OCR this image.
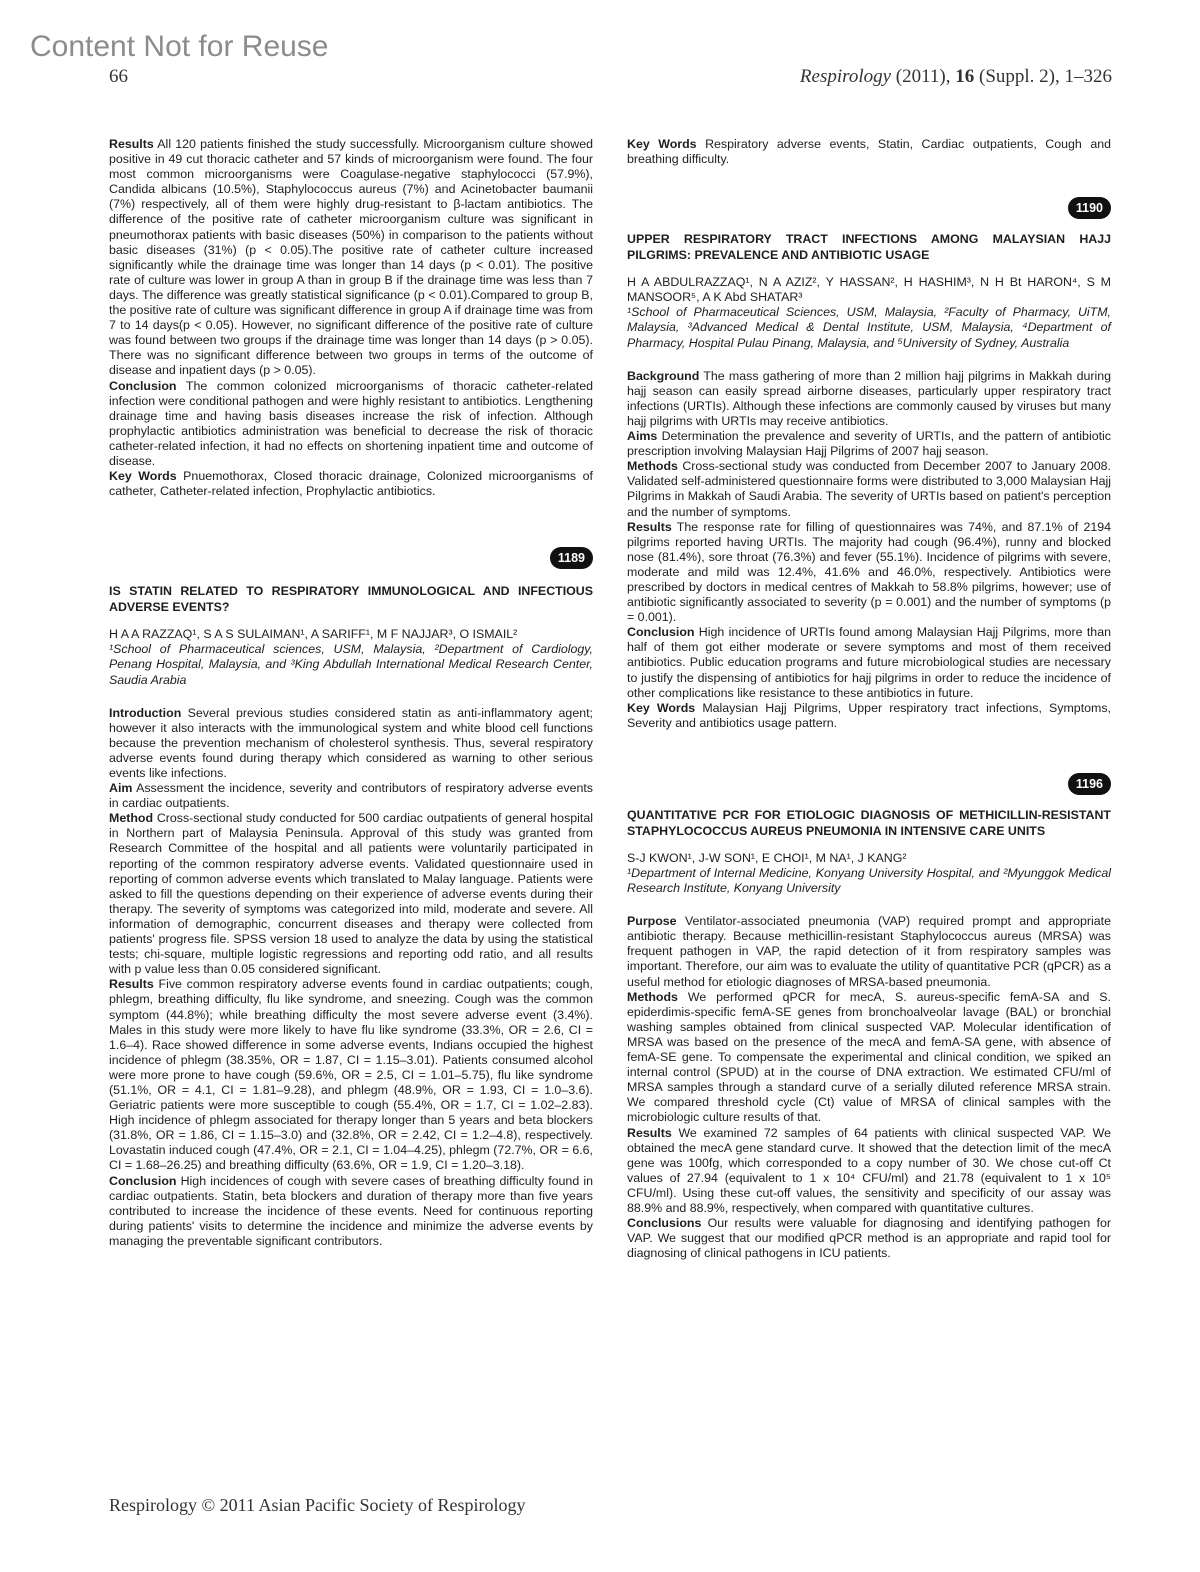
Content Not for Reuse
66	Respirology (2011), 16 (Suppl. 2), 1–326

Results All 120 patients finished the study successfully. Microorganism culture showed positive in 49 cut thoracic catheter and 57 kinds of microorganism were found. The four most common microorganisms were Coagulase-negative staphylococci (57.9%), Candida albicans (10.5%), Staphylococcus aureus (7%) and Acinetobacter baumanii (7%) respectively, all of them were highly drug-resistant to β-lactam antibiotics. The difference of the positive rate of catheter microorganism culture was significant in pneumothorax patients with basic diseases (50%) in comparison to the patients without basic diseases (31%) (p < 0.05).The positive rate of catheter culture increased significantly while the drainage time was longer than 14 days (p < 0.01). The positive rate of culture was lower in group A than in group B if the drainage time was less than 7 days. The difference was greatly statistical significance (p < 0.01).Compared to group B, the positive rate of culture was significant difference in group A if drainage time was from 7 to 14 days(p < 0.05). However, no significant difference of the positive rate of culture was found between two groups if the drainage time was longer than 14 days (p > 0.05). There was no significant difference between two groups in terms of the outcome of disease and inpatient days (p > 0.05).

Conclusion The common colonized microorganisms of thoracic catheter-related infection were conditional pathogen and were highly resistant to antibiotics. Lengthening drainage time and having basis diseases increase the risk of infection. Although prophylactic antibiotics administration was beneficial to decrease the risk of thoracic catheter-related infection, it had no effects on shortening inpatient time and outcome of disease.

Key Words Pnuemothorax, Closed thoracic drainage, Colonized microorganisms of catheter, Catheter-related infection, Prophylactic antibiotics.

1189

IS STATIN RELATED TO RESPIRATORY IMMUNOLOGICAL AND INFECTIOUS ADVERSE EVENTS?

H A A RAZZAQ¹, S A S SULAIMAN¹, A SARIFF¹, M F NAJJAR³, O ISMAIL²

¹School of Pharmaceutical sciences, USM, Malaysia, ²Department of Cardiology, Penang Hospital, Malaysia, and ³King Abdullah International Medical Research Center, Saudia Arabia

Introduction Several previous studies considered statin as anti-inflammatory agent; however it also interacts with the immunological system and white blood cell functions because the prevention mechanism of cholesterol synthesis. Thus, several respiratory adverse events found during therapy which considered as warning to other serious events like infections.

Aim Assessment the incidence, severity and contributors of respiratory adverse events in cardiac outpatients.

Method Cross-sectional study conducted for 500 cardiac outpatients of general hospital in Northern part of Malaysia Peninsula. Approval of this study was granted from Research Committee of the hospital and all patients were voluntarily participated in reporting of the common respiratory adverse events. Validated questionnaire used in reporting of common adverse events which translated to Malay language. Patients were asked to fill the questions depending on their experience of adverse events during their therapy. The severity of symptoms was categorized into mild, moderate and severe. All information of demographic, concurrent diseases and therapy were collected from patients' progress file. SPSS version 18 used to analyze the data by using the statistical tests; chi-square, multiple logistic regressions and reporting odd ratio, and all results with p value less than 0.05 considered significant.

Results Five common respiratory adverse events found in cardiac outpatients; cough, phlegm, breathing difficulty, flu like syndrome, and sneezing. Cough was the common symptom (44.8%); while breathing difficulty the most severe adverse event (3.4%). Males in this study were more likely to have flu like syndrome (33.3%, OR = 2.6, CI = 1.6–4). Race showed difference in some adverse events, Indians occupied the highest incidence of phlegm (38.35%, OR = 1.87, CI = 1.15–3.01). Patients consumed alcohol were more prone to have cough (59.6%, OR = 2.5, CI = 1.01–5.75), flu like syndrome (51.1%, OR = 4.1, CI = 1.81–9.28), and phlegm (48.9%, OR = 1.93, CI = 1.0–3.6). Geriatric patients were more susceptible to cough (55.4%, OR = 1.7, CI = 1.02–2.83). High incidence of phlegm associated for therapy longer than 5 years and beta blockers (31.8%, OR = 1.86, CI = 1.15–3.0) and (32.8%, OR = 2.42, CI = 1.2–4.8), respectively. Lovastatin induced cough (47.4%, OR = 2.1, CI = 1.04–4.25), phlegm (72.7%, OR = 6.6, CI = 1.68–26.25) and breathing difficulty (63.6%, OR = 1.9, CI = 1.20–3.18).

Conclusion High incidences of cough with severe cases of breathing difficulty found in cardiac outpatients. Statin, beta blockers and duration of therapy more than five years contributed to increase the incidence of these events. Need for continuous reporting during patients' visits to determine the incidence and minimize the adverse events by managing the preventable significant contributors.

Key Words Respiratory adverse events, Statin, Cardiac outpatients, Cough and breathing difficulty.

1190

UPPER RESPIRATORY TRACT INFECTIONS AMONG MALAYSIAN HAJJ PILGRIMS: PREVALENCE AND ANTIBIOTIC USAGE

H A ABDULRAZZAQ¹, N A AZIZ², Y HASSAN², H HASHIM³, N H Bt HARON⁴, S M MANSOOR⁵, A K Abd SHATAR³

¹School of Pharmaceutical Sciences, USM, Malaysia, ²Faculty of Pharmacy, UiTM, Malaysia, ³Advanced Medical & Dental Institute, USM, Malaysia, ⁴Department of Pharmacy, Hospital Pulau Pinang, Malaysia, and ⁵University of Sydney, Australia

Background The mass gathering of more than 2 million hajj pilgrims in Makkah during hajj season can easily spread airborne diseases, particularly upper respiratory tract infections (URTIs). Although these infections are commonly caused by viruses but many hajj pilgrims with URTIs may receive antibiotics.

Aims Determination the prevalence and severity of URTIs, and the pattern of antibiotic prescription involving Malaysian Hajj Pilgrims of 2007 hajj season.

Methods Cross-sectional study was conducted from December 2007 to January 2008. Validated self-administered questionnaire forms were distributed to 3,000 Malaysian Hajj Pilgrims in Makkah of Saudi Arabia. The severity of URTIs based on patient's perception and the number of symptoms.

Results The response rate for filling of questionnaires was 74%, and 87.1% of 2194 pilgrims reported having URTIs. The majority had cough (96.4%), runny and blocked nose (81.4%), sore throat (76.3%) and fever (55.1%). Incidence of pilgrims with severe, moderate and mild was 12.4%, 41.6% and 46.0%, respectively. Antibiotics were prescribed by doctors in medical centres of Makkah to 58.8% pilgrims, however; use of antibiotic significantly associated to severity (p = 0.001) and the number of symptoms (p = 0.001).

Conclusion High incidence of URTIs found among Malaysian Hajj Pilgrims, more than half of them got either moderate or severe symptoms and most of them received antibiotics. Public education programs and future microbiological studies are necessary to justify the dispensing of antibiotics for hajj pilgrims in order to reduce the incidence of other complications like resistance to these antibiotics in future.

Key Words Malaysian Hajj Pilgrims, Upper respiratory tract infections, Symptoms, Severity and antibiotics usage pattern.

1196

QUANTITATIVE PCR FOR ETIOLOGIC DIAGNOSIS OF METHICILLIN-RESISTANT STAPHYLOCOCCUS AUREUS PNEUMONIA IN INTENSIVE CARE UNITS

S-J KWON¹, J-W SON¹, E CHOI¹, M NA¹, J KANG²

¹Department of Internal Medicine, Konyang University Hospital, and ²Myunggok Medical Research Institute, Konyang University

Purpose Ventilator-associated pneumonia (VAP) required prompt and appropriate antibiotic therapy. Because methicillin-resistant Staphylococcus aureus (MRSA) was frequent pathogen in VAP, the rapid detection of it from respiratory samples was important. Therefore, our aim was to evaluate the utility of quantitative PCR (qPCR) as a useful method for etiologic diagnoses of MRSA-based pneumonia.

Methods We performed qPCR for mecA, S. aureus-specific femA-SA and S. epiderdimis-specific femA-SE genes from bronchoalveolar lavage (BAL) or bronchial washing samples obtained from clinical suspected VAP. Molecular identification of MRSA was based on the presence of the mecA and femA-SA gene, with absence of femA-SE gene. To compensate the experimental and clinical condition, we spiked an internal control (SPUD) at in the course of DNA extraction. We estimated CFU/ml of MRSA samples through a standard curve of a serially diluted reference MRSA strain. We compared threshold cycle (Ct) value of MRSA of clinical samples with the microbiologic culture results of that.

Results We examined 72 samples of 64 patients with clinical suspected VAP. We obtained the mecA gene standard curve. It showed that the detection limit of the mecA gene was 100fg, which corresponded to a copy number of 30. We chose cut-off Ct values of 27.94 (equivalent to 1 x 10⁴ CFU/ml) and 21.78 (equivalent to 1 x 10⁵ CFU/ml). Using these cut-off values, the sensitivity and specificity of our assay was 88.9% and 88.9%, respectively, when compared with quantitative cultures.

Conclusions Our results were valuable for diagnosing and identifying pathogen for VAP. We suggest that our modified qPCR method is an appropriate and rapid tool for diagnosing of clinical pathogens in ICU patients.

Respirology © 2011 Asian Pacific Society of Respirology
